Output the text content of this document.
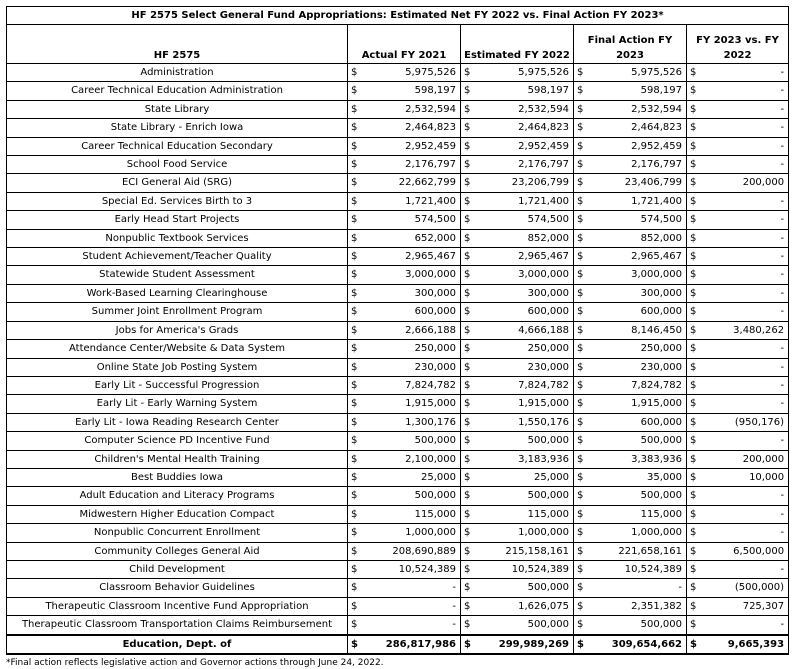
HF 2575 Select General Fund Appropriations: Estimated Net FY 2022 vs. Final Action FY 2023*								
HF 2575	Actual FY 2021		Estimated FY 2022		Final Action FY 2023		FY 2023 vs. FY 2022	
Administration	$	5,975,526	$	5,975,526	$	5,975,526	$	-
Career Technical Education Administration	$	598,197	$	598,197	$	598,197	$	-
State Library	$	2,532,594	$	2,532,594	$	2,532,594	$	-
State Library - Enrich Iowa	$	2,464,823	$	2,464,823	$	2,464,823	$	-
Career Technical Education Secondary	$	2,952,459	$	2,952,459	$	2,952,459	$	-
School Food Service	$	2,176,797	$	2,176,797	$	2,176,797	$	-
ECI General Aid (SRG)	$	22,662,799	$	23,206,799	$	23,406,799	$	200,000
Special Ed. Services Birth to 3	$	1,721,400	$	1,721,400	$	1,721,400	$	-
Early Head Start Projects	$	574,500	$	574,500	$	574,500	$	-
Nonpublic Textbook Services	$	652,000	$	852,000	$	852,000	$	-
Student Achievement/Teacher Quality	$	2,965,467	$	2,965,467	$	2,965,467	$	-
Statewide Student Assessment	$	3,000,000	$	3,000,000	$	3,000,000	$	-
Work-Based Learning Clearinghouse	$	300,000	$	300,000	$	300,000	$	-
Summer Joint Enrollment Program	$	600,000	$	600,000	$	600,000	$	-
Jobs for America's Grads	$	2,666,188	$	4,666,188	$	8,146,450	$	3,480,262
Attendance Center/Website & Data System	$	250,000	$	250,000	$	250,000	$	-
Online State Job Posting System	$	230,000	$	230,000	$	230,000	$	-
Early Lit - Successful Progression	$	7,824,782	$	7,824,782	$	7,824,782	$	-
Early Lit - Early Warning System	$	1,915,000	$	1,915,000	$	1,915,000	$	-
Early Lit - Iowa Reading Research Center	$	1,300,176	$	1,550,176	$	600,000	$	(950,176)
Computer Science PD Incentive Fund	$	500,000	$	500,000	$	500,000	$	-
Children's Mental Health Training	$	2,100,000	$	3,183,936	$	3,383,936	$	200,000
Best Buddies Iowa	$	25,000	$	25,000	$	35,000	$	10,000
Adult Education and Literacy Programs	$	500,000	$	500,000	$	500,000	$	-
Midwestern Higher Education Compact	$	115,000	$	115,000	$	115,000	$	-
Nonpublic Concurrent Enrollment	$	1,000,000	$	1,000,000	$	1,000,000	$	-
Community Colleges General Aid	$	208,690,889	$	215,158,161	$	221,658,161	$	6,500,000
Child Development	$	10,524,389	$	10,524,389	$	10,524,389	$	-
Classroom Behavior Guidelines	$	-	$	500,000	$	-	$	(500,000)
Therapeutic Classroom Incentive Fund Appropriation	$	-	$	1,626,075	$	2,351,382	$	725,307
Therapeutic Classroom Transportation Claims Reimbursement	$	-	$	500,000	$	500,000	$	-
Education, Dept. of	$	286,817,986	$	299,989,269	$	309,654,662	$	9,665,393
*Final action reflects legislative action and Governor actions through June 24, 2022.
